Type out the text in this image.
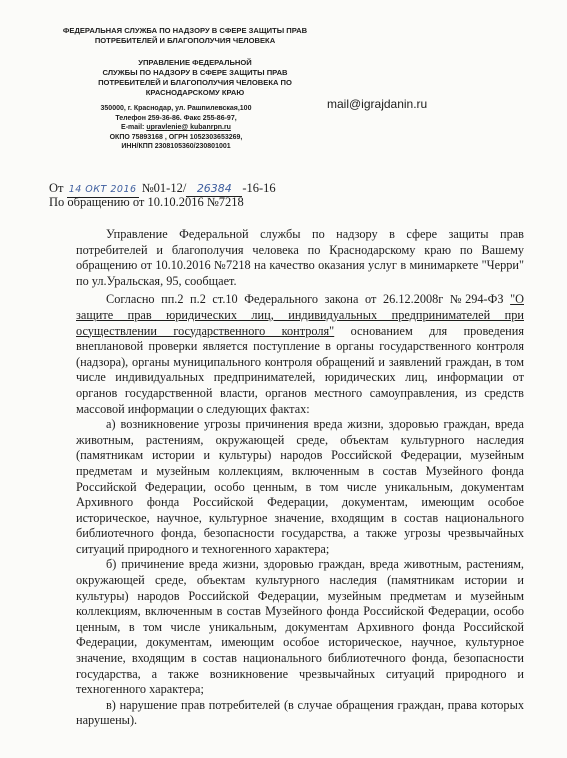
ФЕДЕРАЛЬНАЯ СЛУЖБА ПО НАДЗОРУ В СФЕРЕ ЗАЩИТЫ ПРАВ
ПОТРЕБИТЕЛЕЙ И БЛАГОПОЛУЧИЯ ЧЕЛОВЕКА
УПРАВЛЕНИЕ ФЕДЕРАЛЬНОЙ
СЛУЖБЫ ПО НАДЗОРУ В СФЕРЕ ЗАЩИТЫ ПРАВ
ПОТРЕБИТЕЛЕЙ И БЛАГОПОЛУЧИЯ ЧЕЛОВЕКА ПО
КРАСНОДАРСКОМУ КРАЮ
350000, г. Краснодар, ул. Рашпилевская,100
Телефон 259-36-86. Факс 255-86-97,
E-mail: upravlenie@ kubanrpn.ru
ОКПО 75893168 , ОГРН 1052303653269,
ИНН/КПП 2308105360/230801001
mail@igrajdanin.ru
От 14 ОКТ 2016 №01-12/ 26384 -16-16
По обращению от 10.10.2016 №7218

Управление Федеральной службы по надзору в сфере защиты прав потребителей и благополучия человека по Краснодарскому краю по Вашему обращению от 10.10.2016 №7218 на качество оказания услуг в минимаркете "Черри" по ул.Уральская, 95, сообщает.

Согласно пп.2 п.2 ст.10 Федерального закона от 26.12.2008г №294-ФЗ "О защите прав юридических лиц, индивидуальных предпринимателей при осуществлении государственного контроля" основанием для проведения внеплановой проверки является поступление в органы государственного контроля (надзора), органы муниципального контроля обращений и заявлений граждан, в том числе индивидуальных предпринимателей, юридических лиц, информации от органов государственной власти, органов местного самоуправления, из средств массовой информации о следующих фактах:

а) возникновение угрозы причинения вреда жизни, здоровью граждан, вреда животным, растениям, окружающей среде, объектам культурного наследия (памятникам истории и культуры) народов Российской Федерации, музейным предметам и музейным коллекциям, включенным в состав Музейного фонда Российской Федерации, особо ценным, в том числе уникальным, документам Архивного фонда Российской Федерации, документам, имеющим особое историческое, научное, культурное значение, входящим в состав национального библиотечного фонда, безопасности государства, а также угрозы чрезвычайных ситуаций природного и техногенного характера;

б) причинение вреда жизни, здоровью граждан, вреда животным, растениям, окружающей среде, объектам культурного наследия (памятникам истории и культуры) народов Российской Федерации, музейным предметам и музейным коллекциям, включенным в состав Музейного фонда Российской Федерации, особо ценным, в том числе уникальным, документам Архивного фонда Российской Федерации, документам, имеющим особое историческое, научное, культурное значение, входящим в состав национального библиотечного фонда, безопасности государства, а также возникновение чрезвычайных ситуаций природного и техногенного характера;

в) нарушение прав потребителей (в случае обращения граждан, права которых нарушены).
